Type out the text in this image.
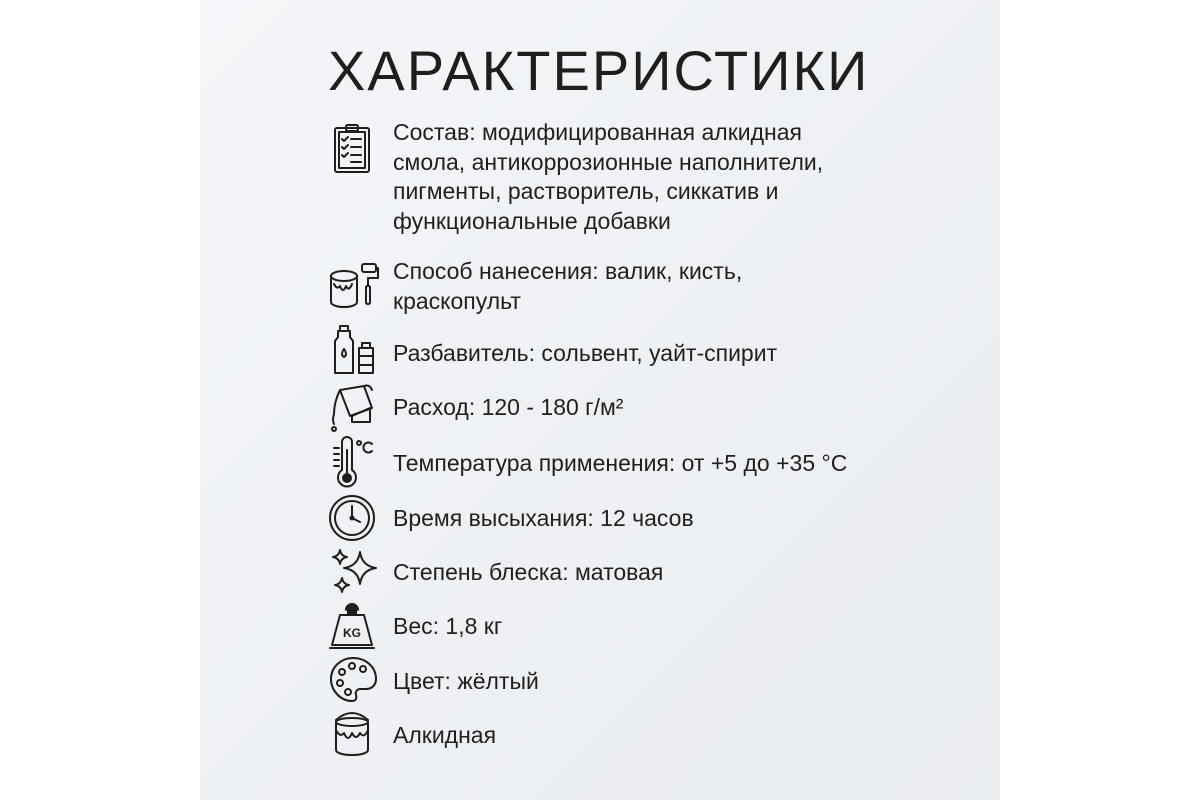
ХАРАКТЕРИСТИКИ
Состав: модифицированная алкидная
смола, антикоррозионные наполнители,
пигменты, растворитель, сиккатив и
функциональные добавки
Способ нанесения: валик, кисть,
краскопульт
Разбавитель: сольвент, уайт-спирит
Расход: 120 - 180 г/м²
Температура применения: от +5 до +35 °С
Время высыхания: 12 часов
Степень блеска: матовая
KG Вес: 1,8 кг
Цвет: жёлтый
Алкидная
